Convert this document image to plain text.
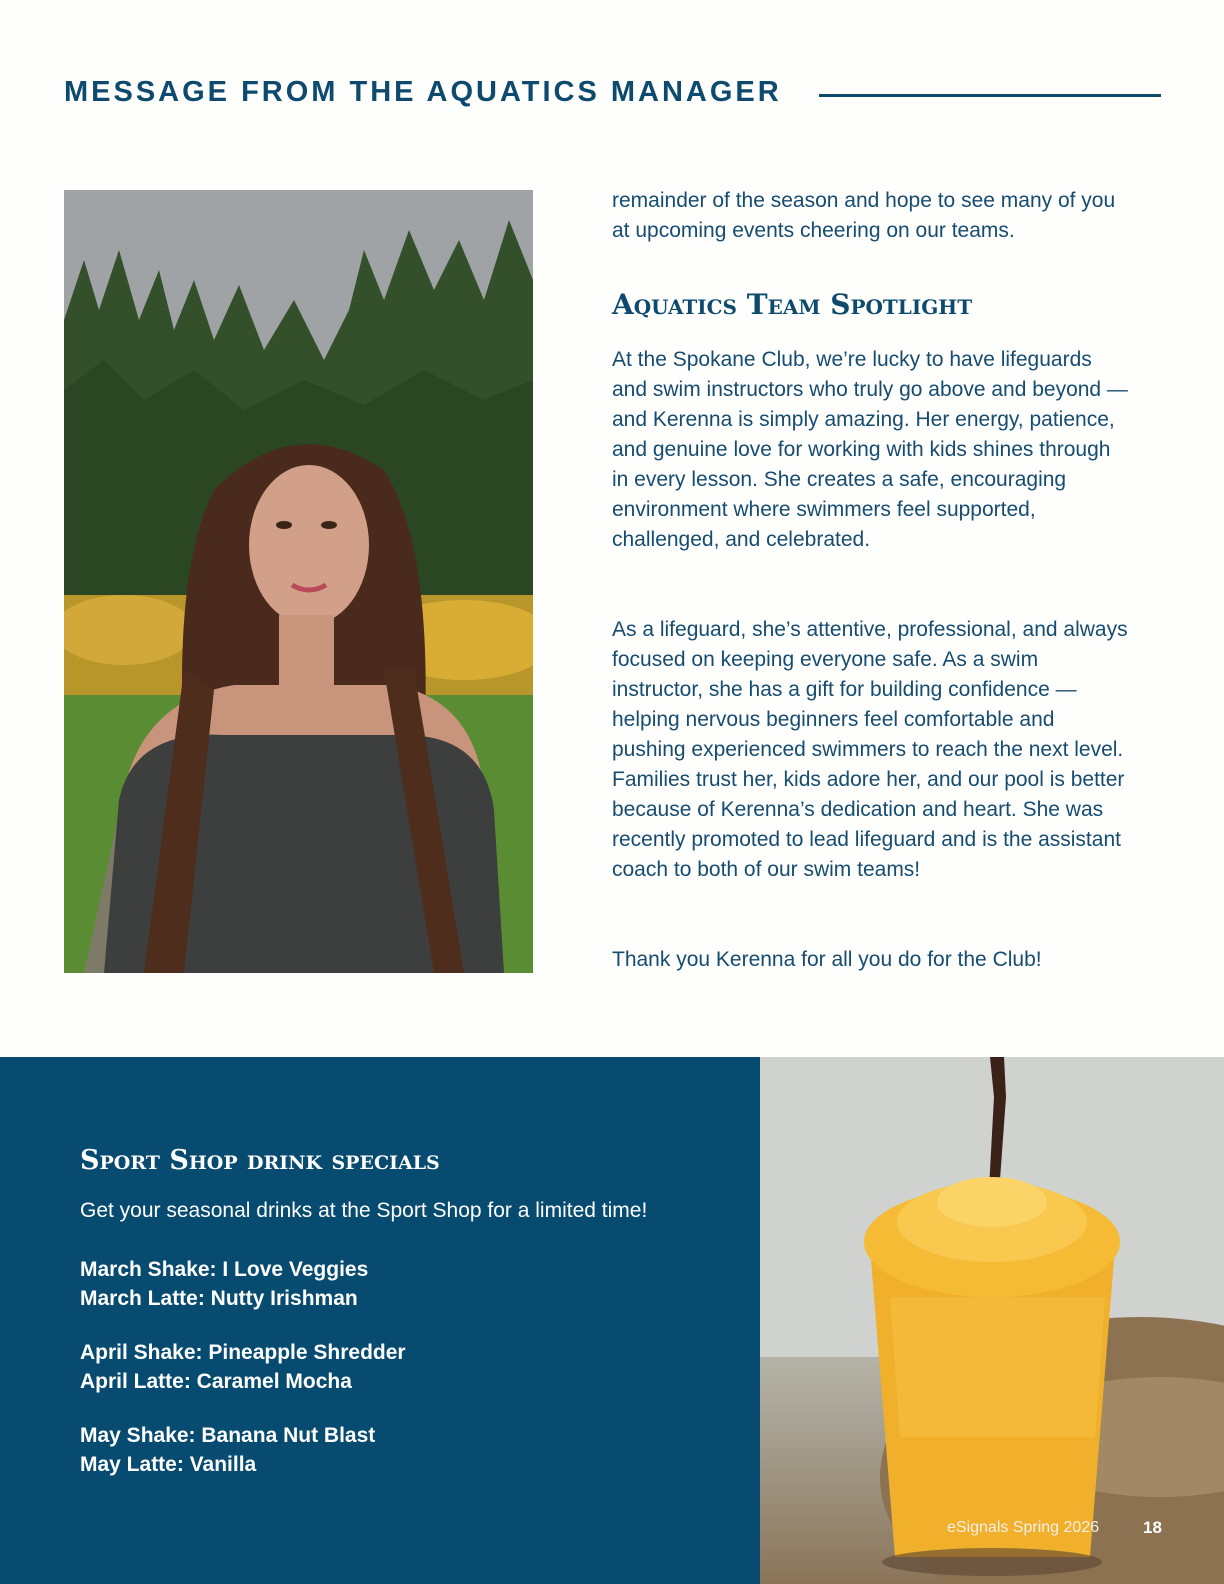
MESSAGE FROM THE AQUATICS MANAGER
remainder of the season and hope to see many of you at upcoming events cheering on our teams.
Aquatics Team Spotlight

At the Spokane Club, we’re lucky to have lifeguards and swim instructors who truly go above and beyond — and Kerenna is simply amazing. Her energy, patience, and genuine love for working with kids shines through in every lesson. She creates a safe, encouraging environment where swimmers feel supported, challenged, and celebrated.

As a lifeguard, she’s attentive, professional, and always focused on keeping everyone safe. As a swim instructor, she has a gift for building confidence — helping nervous beginners feel comfortable and pushing experienced swimmers to reach the next level. Families trust her, kids adore her, and our pool is better because of Kerenna’s dedication and heart. She was recently promoted to lead lifeguard and is the assistant coach to both of our swim teams!

Thank you Kerenna for all you do for the Club!

Sport Shop drink specials
Get your seasonal drinks at the Sport Shop for a limited time!
March Shake: I Love Veggies
March Latte: Nutty Irishman
April Shake: Pineapple Shredder
April Latte: Caramel Mocha
May Shake: Banana Nut Blast
May Latte: Vanilla
eSignals Spring 2026	18
